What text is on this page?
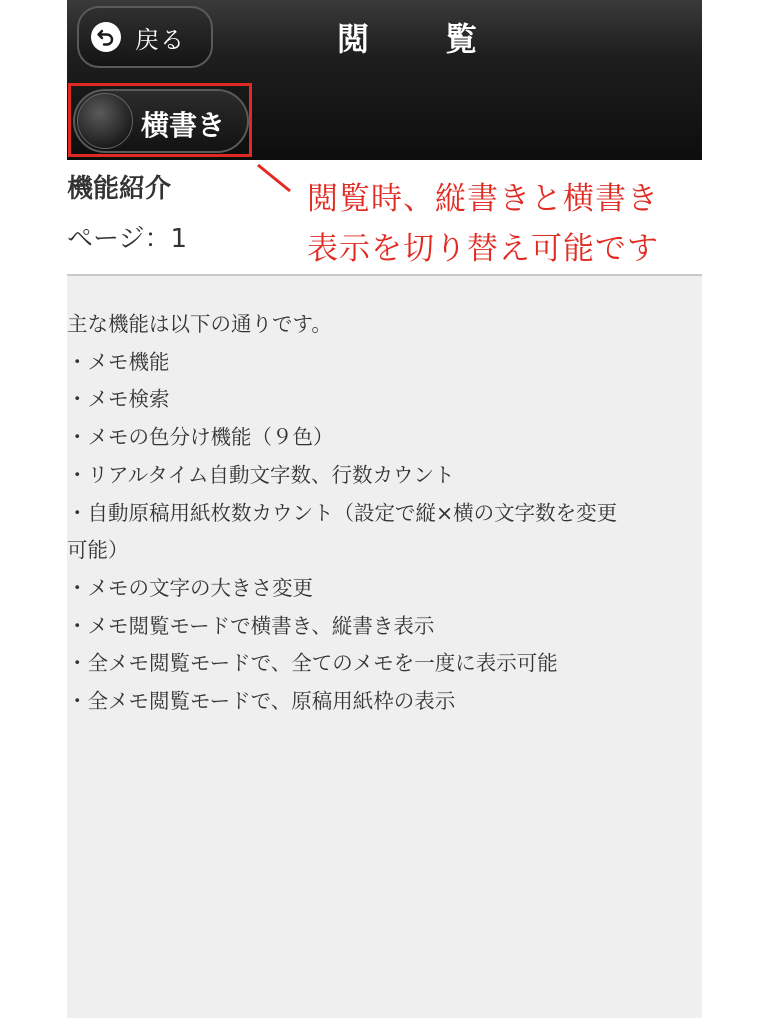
戻る	閲　覧
横書き
機能紹介
ページ：1
閲覧時、縦書きと横書き
表示を切り替え可能です
主な機能は以下の通りです。
・メモ機能
・メモ検索
・メモの色分け機能（９色）
・リアルタイム自動文字数、行数カウント
・自動原稿用紙枚数カウント（設定で縦×横の文字数を変更
可能）
・メモの文字の大きさ変更
・メモ閲覧モードで横書き、縦書き表示
・全メモ閲覧モードで、全てのメモを一度に表示可能
・全メモ閲覧モードで、原稿用紙枠の表示
